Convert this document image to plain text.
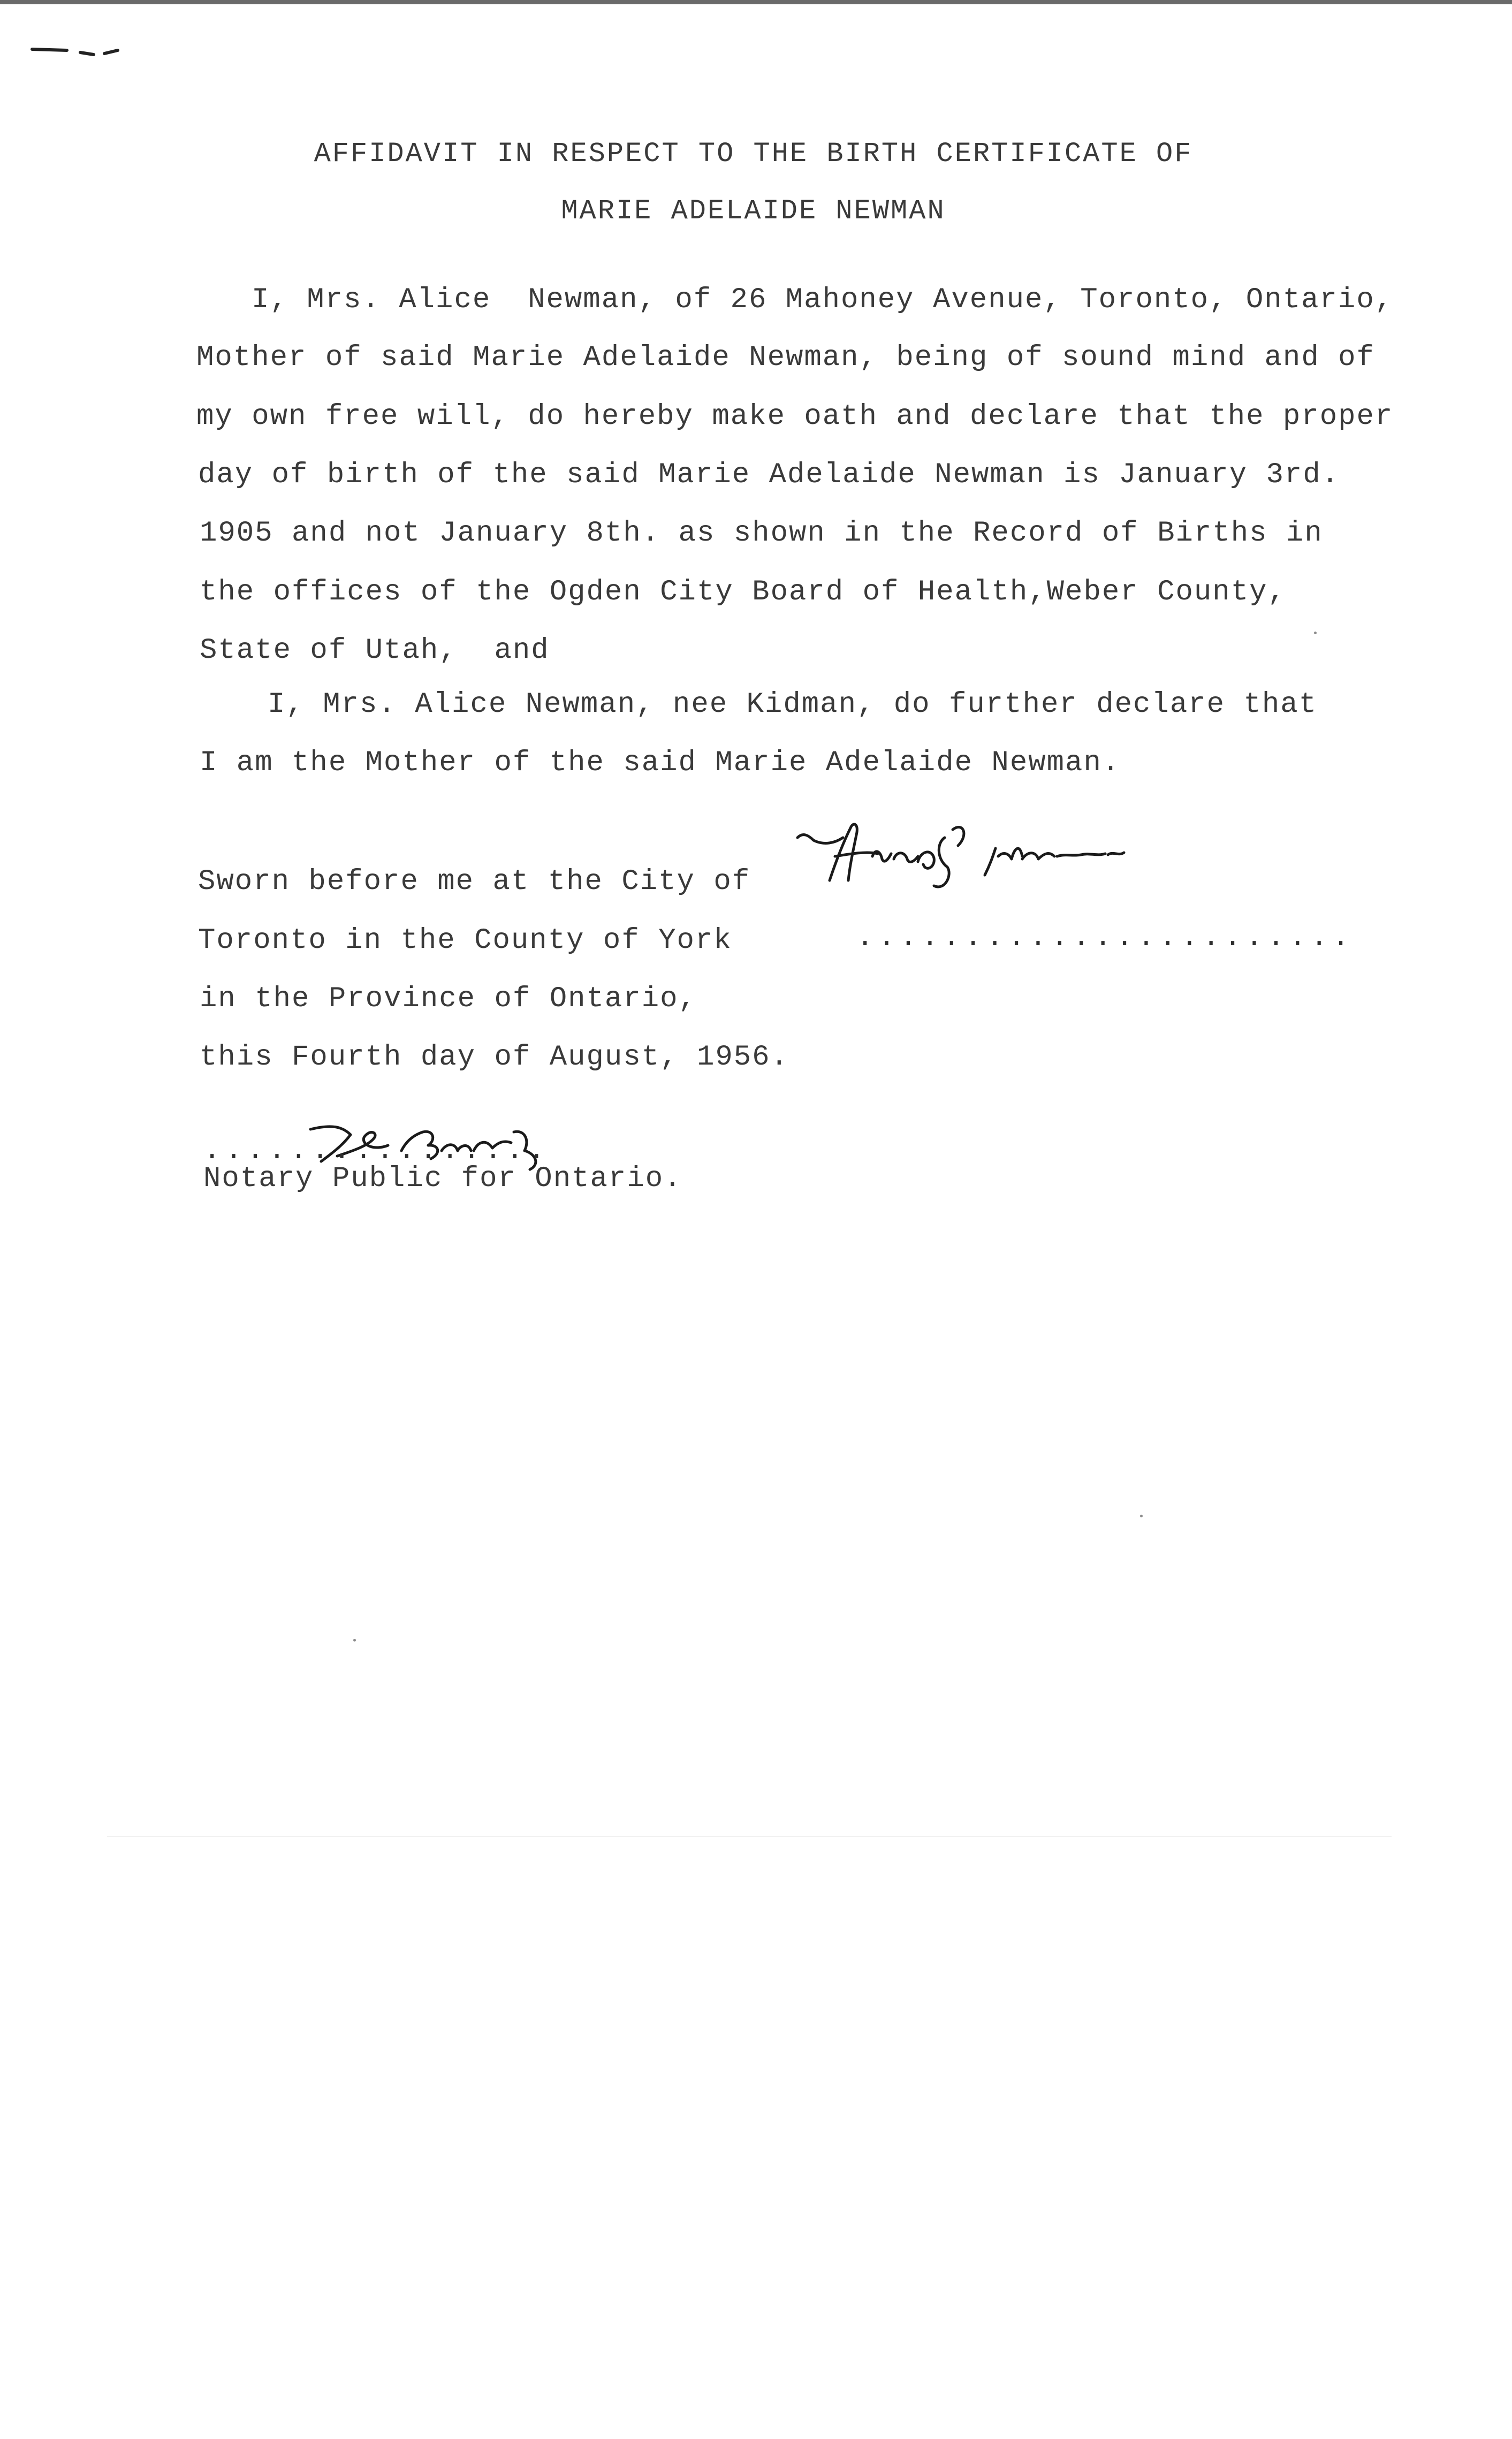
AFFIDAVIT IN RESPECT TO THE BIRTH CERTIFICATE OF
MARIE ADELAIDE NEWMAN
I, Mrs. Alice  Newman, of 26 Mahoney Avenue, Toronto, Ontario,
Mother of said Marie Adelaide Newman, being of sound mind and of
my own free will, do hereby make oath and declare that the proper
day of birth of the said Marie Adelaide Newman is January 3rd.
1905 and not January 8th. as shown in the Record of Births in
the offices of the Ogden City Board of Health,Weber County,
State of Utah,  and
I, Mrs. Alice Newman, nee Kidman, do further declare that
I am the Mother of the said Marie Adelaide Newman.
Sworn before me at the City of
Toronto in the County of York
in the Province of Ontario,
this Fourth day of August, 1956.
.......................
................
Notary Public for Ontario.
